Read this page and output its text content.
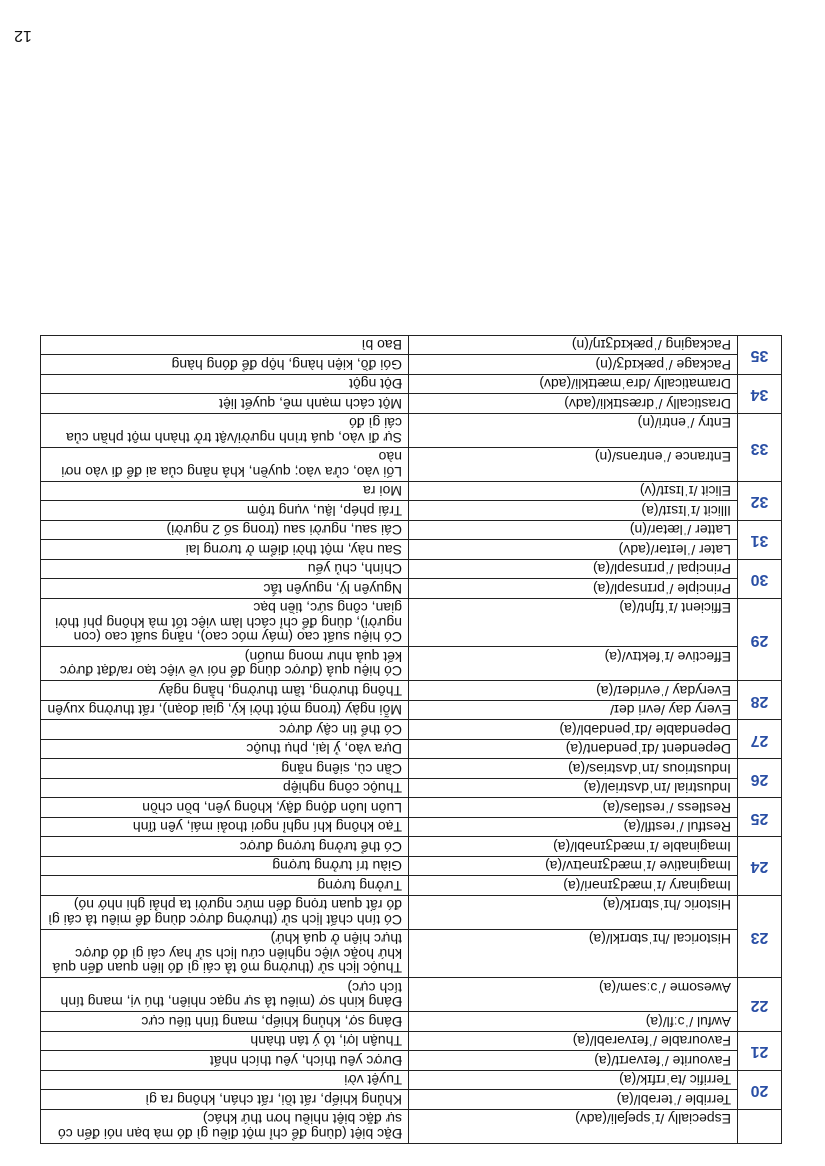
12
	Especially /ɪˈspeʃəli/(adv)	Đặc biệt (dùng để chỉ một điều gì đó mà bạn nói đến có sự đặc biệt nhiều hơn thứ khác)
20	Terrible /ˈterəbl/(a)	Khủng khiếp, rất tồi, rất chán, không ra gì
	Terrific /təˈrɪfɪk/(a)	Tuyệt vời
21	Favourite /ˈfeɪvərɪt/(a)	Được yêu thích, yêu thích nhất
	Favourable /ˈfeɪvərəbl/(a)	Thuận lợi, tỏ ý tán thành
22	Awful /ˈɔːfl/(a)	Đáng sợ, khủng khiếp, mang tính tiêu cực
	Awesome /ˈɔːsəm/(a)	Đáng kinh sợ (miêu tả sự ngạc nhiên, thú vị, mang tính tích cực)
23	Historical /hɪˈstɒrɪkl/(a)	Thuộc lịch sử (thường mô tả cái gì đó liên quan đến quá khứ hoặc việc nghiên cứu lịch sử hay cái gì đó được thực hiện ở quá khứ)
	Historic /hɪˈstɒrɪk/(a)	Có tính chất lịch sử (thường được dùng để miêu tả cái gì đó rất quan trọng đến mức người ta phải ghi nhớ nó)
24	Imaginary /ɪˈmædʒɪnəri/(a)	Tưởng tượng
	Imaginative /ɪˈmædʒɪnətɪv/(a)	Giàu trí tưởng tượng
	Imaginable /ɪˈmædʒɪnəbl/(a)	Có thể tưởng tượng được
25	Restful /ˈrestfl/(a)	Tạo không khí nghỉ ngơi thoải mái, yên tĩnh
	Restless /ˈrestləs/(a)	Luôn luôn động đậy, không yên, bồn chồn
26	Industrial /ɪnˈdʌstriəl/(a)	Thuộc công nghiệp
	Industrious /ɪnˈdʌstriəs/(a)	Cần cù, siêng năng
27	Dependent /dɪˈpendənt/(a)	Dựa vào, ỷ lại, phụ thuộc
	Dependable /dɪˈpendəbl/(a)	Có thể tin cậy được
28	Every day /evri deɪ/	Mỗi ngày (trong một thời kỳ, giai đoạn), rất thường xuyên
	Everyday /ˈevrideɪ/(a)	Thông thường, tầm thường, hằng ngày
29	Effective /ɪˈfektɪv/(a)	Có hiệu quả (được dùng để nói về việc tạo ra/đạt được kết quả như mong muốn)
	Efficient /ɪˈfɪʃnt/(a)	Có hiệu suất cao (máy móc cao), năng suất cao (con người), dùng để chỉ cách làm việc tốt mà không phí thời gian, công sức, tiền bạc
30	Principle /ˈprɪnsəpl/(a)	Nguyên lý, nguyên tắc
	Principal /ˈprɪnsəpl/(a)	Chính, chủ yếu
31	Later /ˈleɪtər/(adv)	Sau này, một thời điểm ở tương lai
	Latter /ˈlætər/(n)	Cái sau, người sau (trong số 2 người)
32	Illicit /ɪˈlɪsɪt/(a)	Trái phép, lậu, vụng trộm
	Elicit /ɪˈlɪsɪt/(v)	Moi ra
33	Entrance /ˈentrəns/(n)	Lối vào, cửa vào; quyền, khả năng của ai để đi vào nơi nào
	Entry /ˈentri/(n)	Sự đi vào, quá trình người/vật trở thành một phần của cái gì đó
34	Drastically /ˈdræstɪkli/(adv)	Một cách mạnh mẽ, quyết liệt
	Dramatically /drəˈmætɪkli/(adv)	Đột ngột
35	Package /ˈpækɪdʒ/(n)	Gói đồ, kiện hàng, hộp để đóng hàng
	Packaging /ˈpækɪdʒɪŋ/(n)	Bao bì
